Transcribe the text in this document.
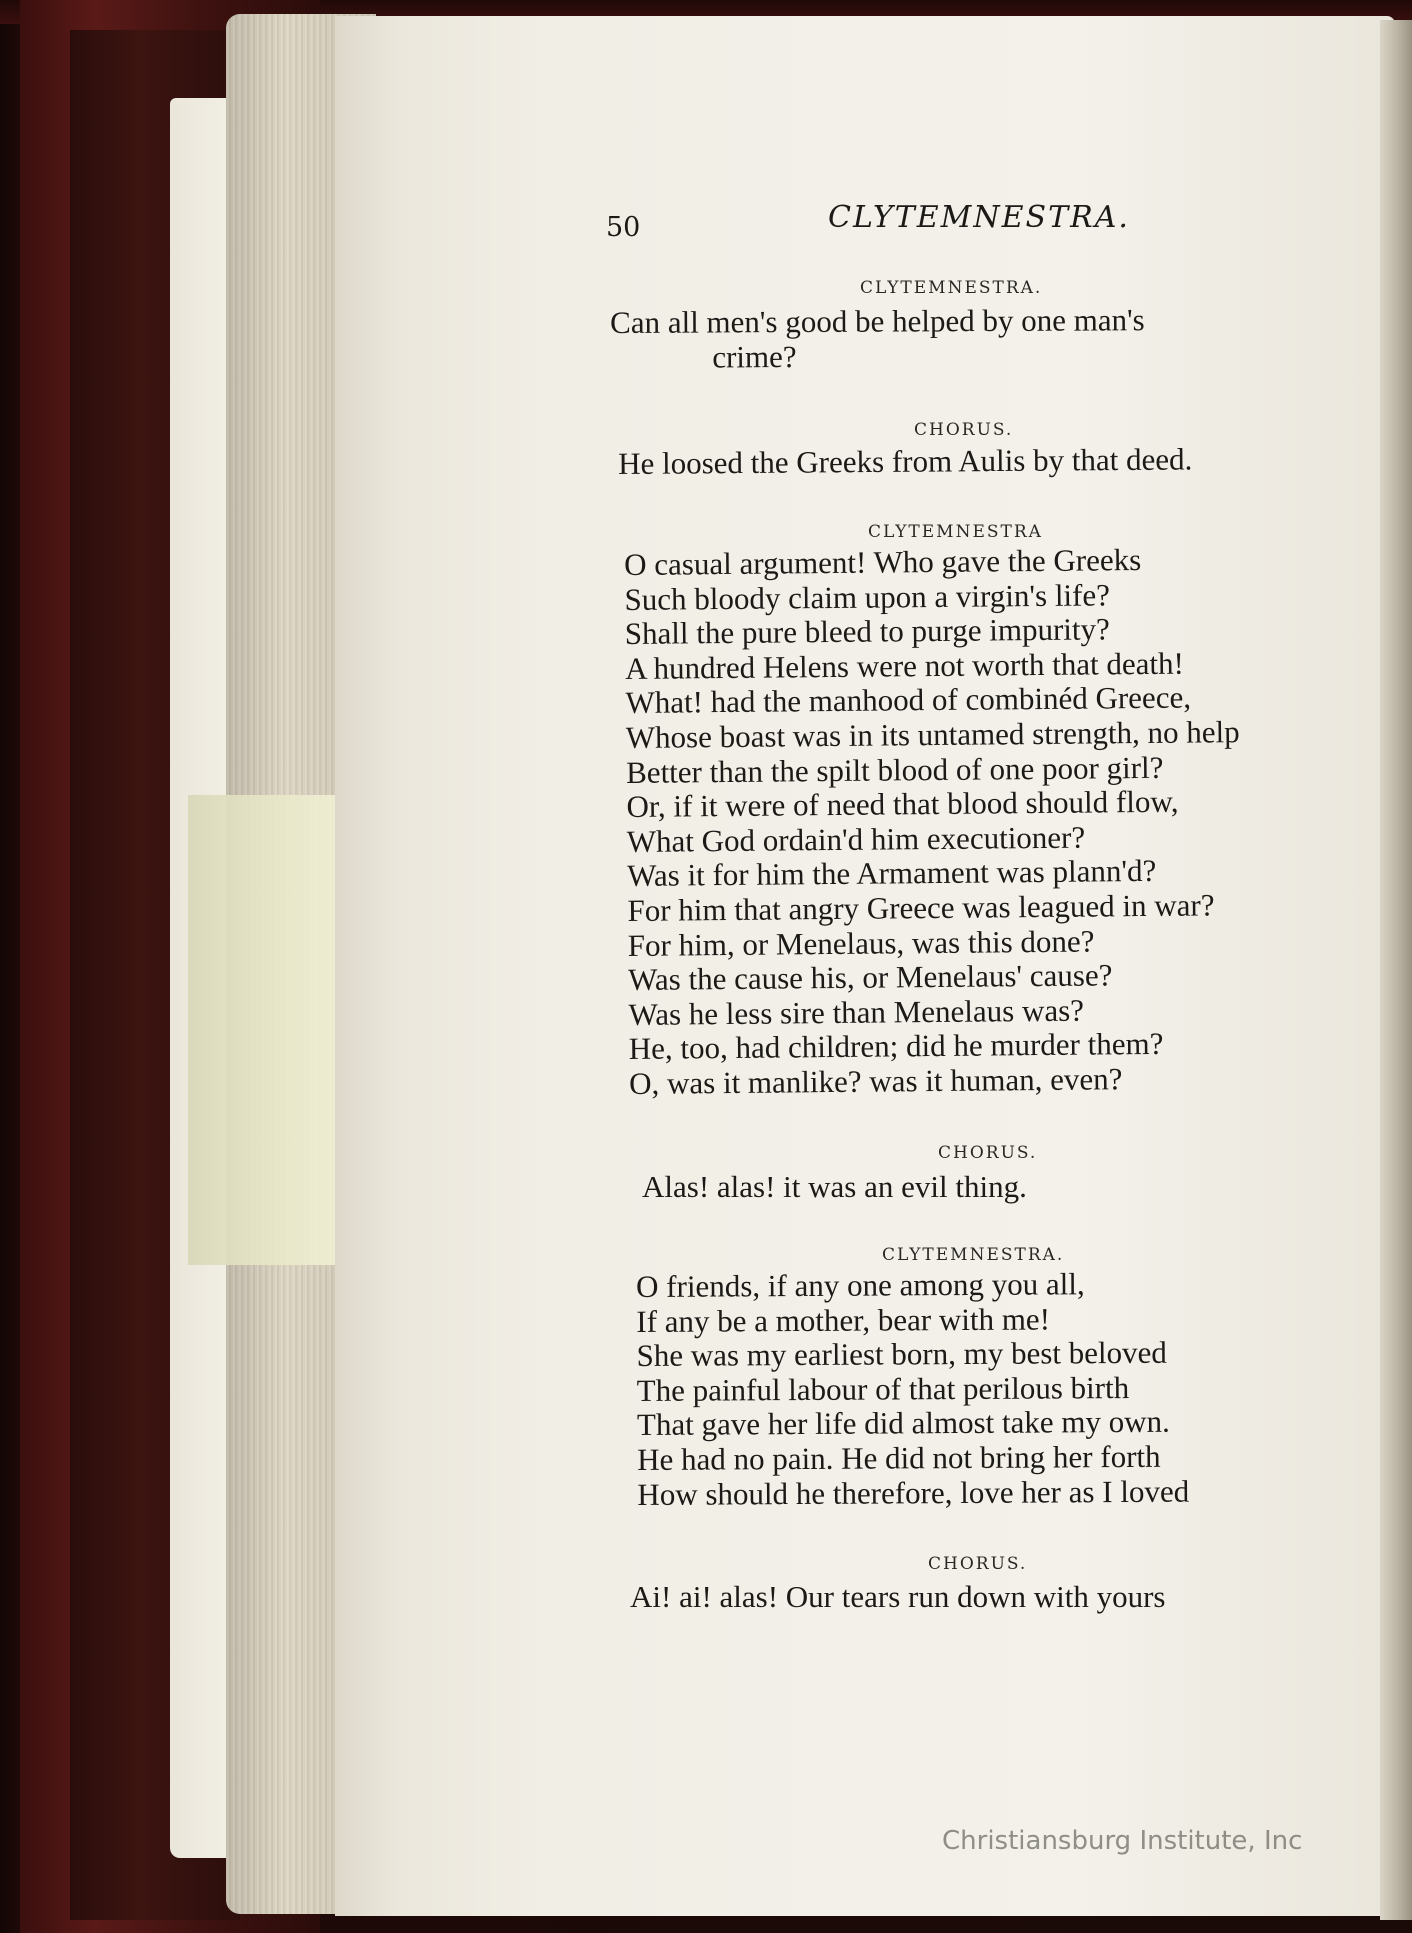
50	CLYTEMNESTRA.
CLYTEMNESTRA.
Can all men's good be helped by one man's
crime?
CHORUS.
He loosed the Greeks from Aulis by that deed.
CLYTEMNESTRA
O casual argument! Who gave the Greeks
Such bloody claim upon a virgin's life?
Shall the pure bleed to purge impurity?
A hundred Helens were not worth that death!
What! had the manhood of combinéd Greece,
Whose boast was in its untamed strength, no help
Better than the spilt blood of one poor girl?
Or, if it were of need that blood should flow,
What God ordain'd him executioner?
Was it for him the Armament was plann'd?
For him that angry Greece was leagued in war?
For him, or Menelaus, was this done?
Was the cause his, or Menelaus' cause?
Was he less sire than Menelaus was?
He, too, had children; did he murder them?
O, was it manlike? was it human, even?
CHORUS.
Alas! alas! it was an evil thing.
CLYTEMNESTRA.
O friends, if any one among you all,
If any be a mother, bear with me!
She was my earliest born, my best beloved
The painful labour of that perilous birth
That gave her life did almost take my own.
He had no pain. He did not bring her forth
How should he therefore, love her as I loved
CHORUS.
Ai! ai! alas! Our tears run down with yours
Christiansburg Institute, Inc
